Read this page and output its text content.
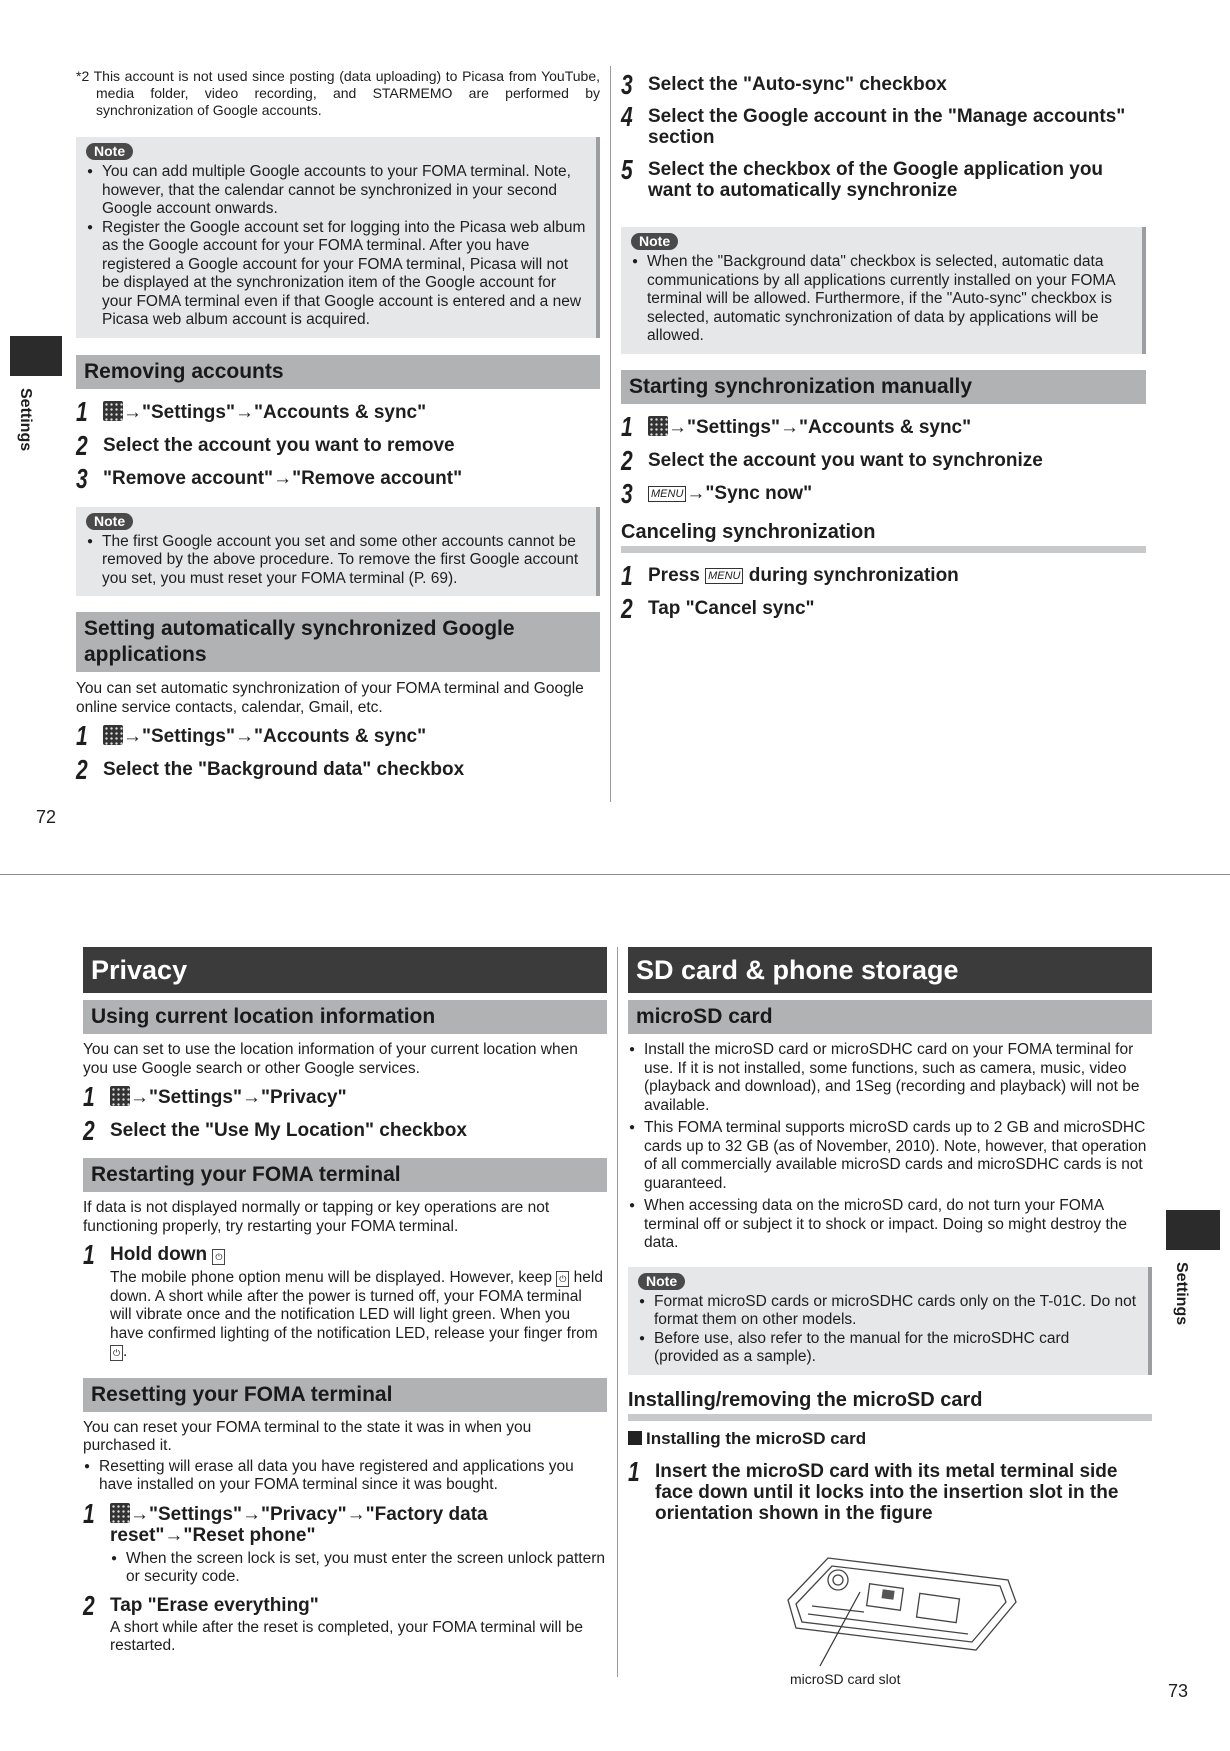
Settings

*2 This account is not used since posting (data uploading) to Picasa from YouTube, media folder, video recording, and STARMEMO are performed by synchronization of Google accounts.

Note
● You can add multiple Google accounts to your FOMA terminal. Note, however, that the calendar cannot be synchronized in your second Google account onwards.
● Register the Google account set for logging into the Picasa web album as the Google account for your FOMA terminal. After you have registered a Google account for your FOMA terminal, Picasa will not be displayed at the synchronization item of the Google account for your FOMA terminal even if that Google account is entered and a new Picasa web album account is acquired.
Removing accounts

1 →"Settings"→"Accounts & sync"

2 Select the account you want to remove

3 "Remove account"→"Remove account"

Note
● The first Google account you set and some other accounts cannot be removed by the above procedure. To remove the first Google account you set, you must reset your FOMA terminal (P. 69).
Setting automatically synchronized Google applications

You can set automatic synchronization of your FOMA terminal and Google online service contacts, calendar, Gmail, etc.

1 →"Settings"→"Accounts & sync"

2 Select the "Background data" checkbox

3 Select the "Auto-sync" checkbox

4 Select the Google account in the "Manage accounts" section

5 Select the checkbox of the Google application you want to automatically synchronize

Note
● When the "Background data" checkbox is selected, automatic data communications by all applications currently installed on your FOMA terminal will be allowed. Furthermore, if the "Auto-sync" checkbox is selected, automatic synchronization of data by applications will be allowed.
Starting synchronization manually

1 →"Settings"→"Accounts & sync"

2 Select the account you want to synchronize

3 MENU →"Sync now"

Canceling synchronization

1 Press MENU during synchronization

2 Tap "Cancel sync"

72
Settings
Privacy
Using current location information

You can set to use the location information of your current location when you use Google search or other Google services.

1 →"Settings"→"Privacy"

2 Select the "Use My Location" checkbox

Restarting your FOMA terminal

If data is not displayed normally or tapping or key operations are not functioning properly, try restarting your FOMA terminal.

1 Hold down ⏻

The mobile phone option menu will be displayed. However, keep ⏻ held down. A short while after the power is turned off, your FOMA terminal will vibrate once and the notification LED will light green. When you have confirmed lighting of the notification LED, release your finger from ⏻ .

Resetting your FOMA terminal

You can reset your FOMA terminal to the state it was in when you purchased it.

● Resetting will erase all data you have registered and applications you have installed on your FOMA terminal since it was bought.

1 →"Settings"→"Privacy"→"Factory data reset"→"Reset phone"

● When the screen lock is set, you must enter the screen unlock pattern or security code.

2 Tap "Erase everything"

A short while after the reset is completed, your FOMA terminal will be restarted.

SD card & phone storage
microSD card
● Install the microSD card or microSDHC card on your FOMA terminal for use. If it is not installed, some functions, such as camera, music, video (playback and download), and 1Seg (recording and playback) will not be available.
● This FOMA terminal supports microSD cards up to 2 GB and microSDHC cards up to 32 GB (as of November, 2010). Note, however, that operation of all commercially available microSD cards and microSDHC cards is not guaranteed.
● When accessing data on the microSD card, do not turn your FOMA terminal off or subject it to shock or impact. Doing so might destroy the data.
Note
● Format microSD cards or microSDHC cards only on the T-01C. Do not format them on other models.
● Before use, also refer to the manual for the microSDHC card (provided as a sample).
Installing/removing the microSD card
Installing the microSD card

1 Insert the microSD card with its metal terminal side face down until it locks into the insertion slot in the orientation shown in the figure

microSD card slot
73
